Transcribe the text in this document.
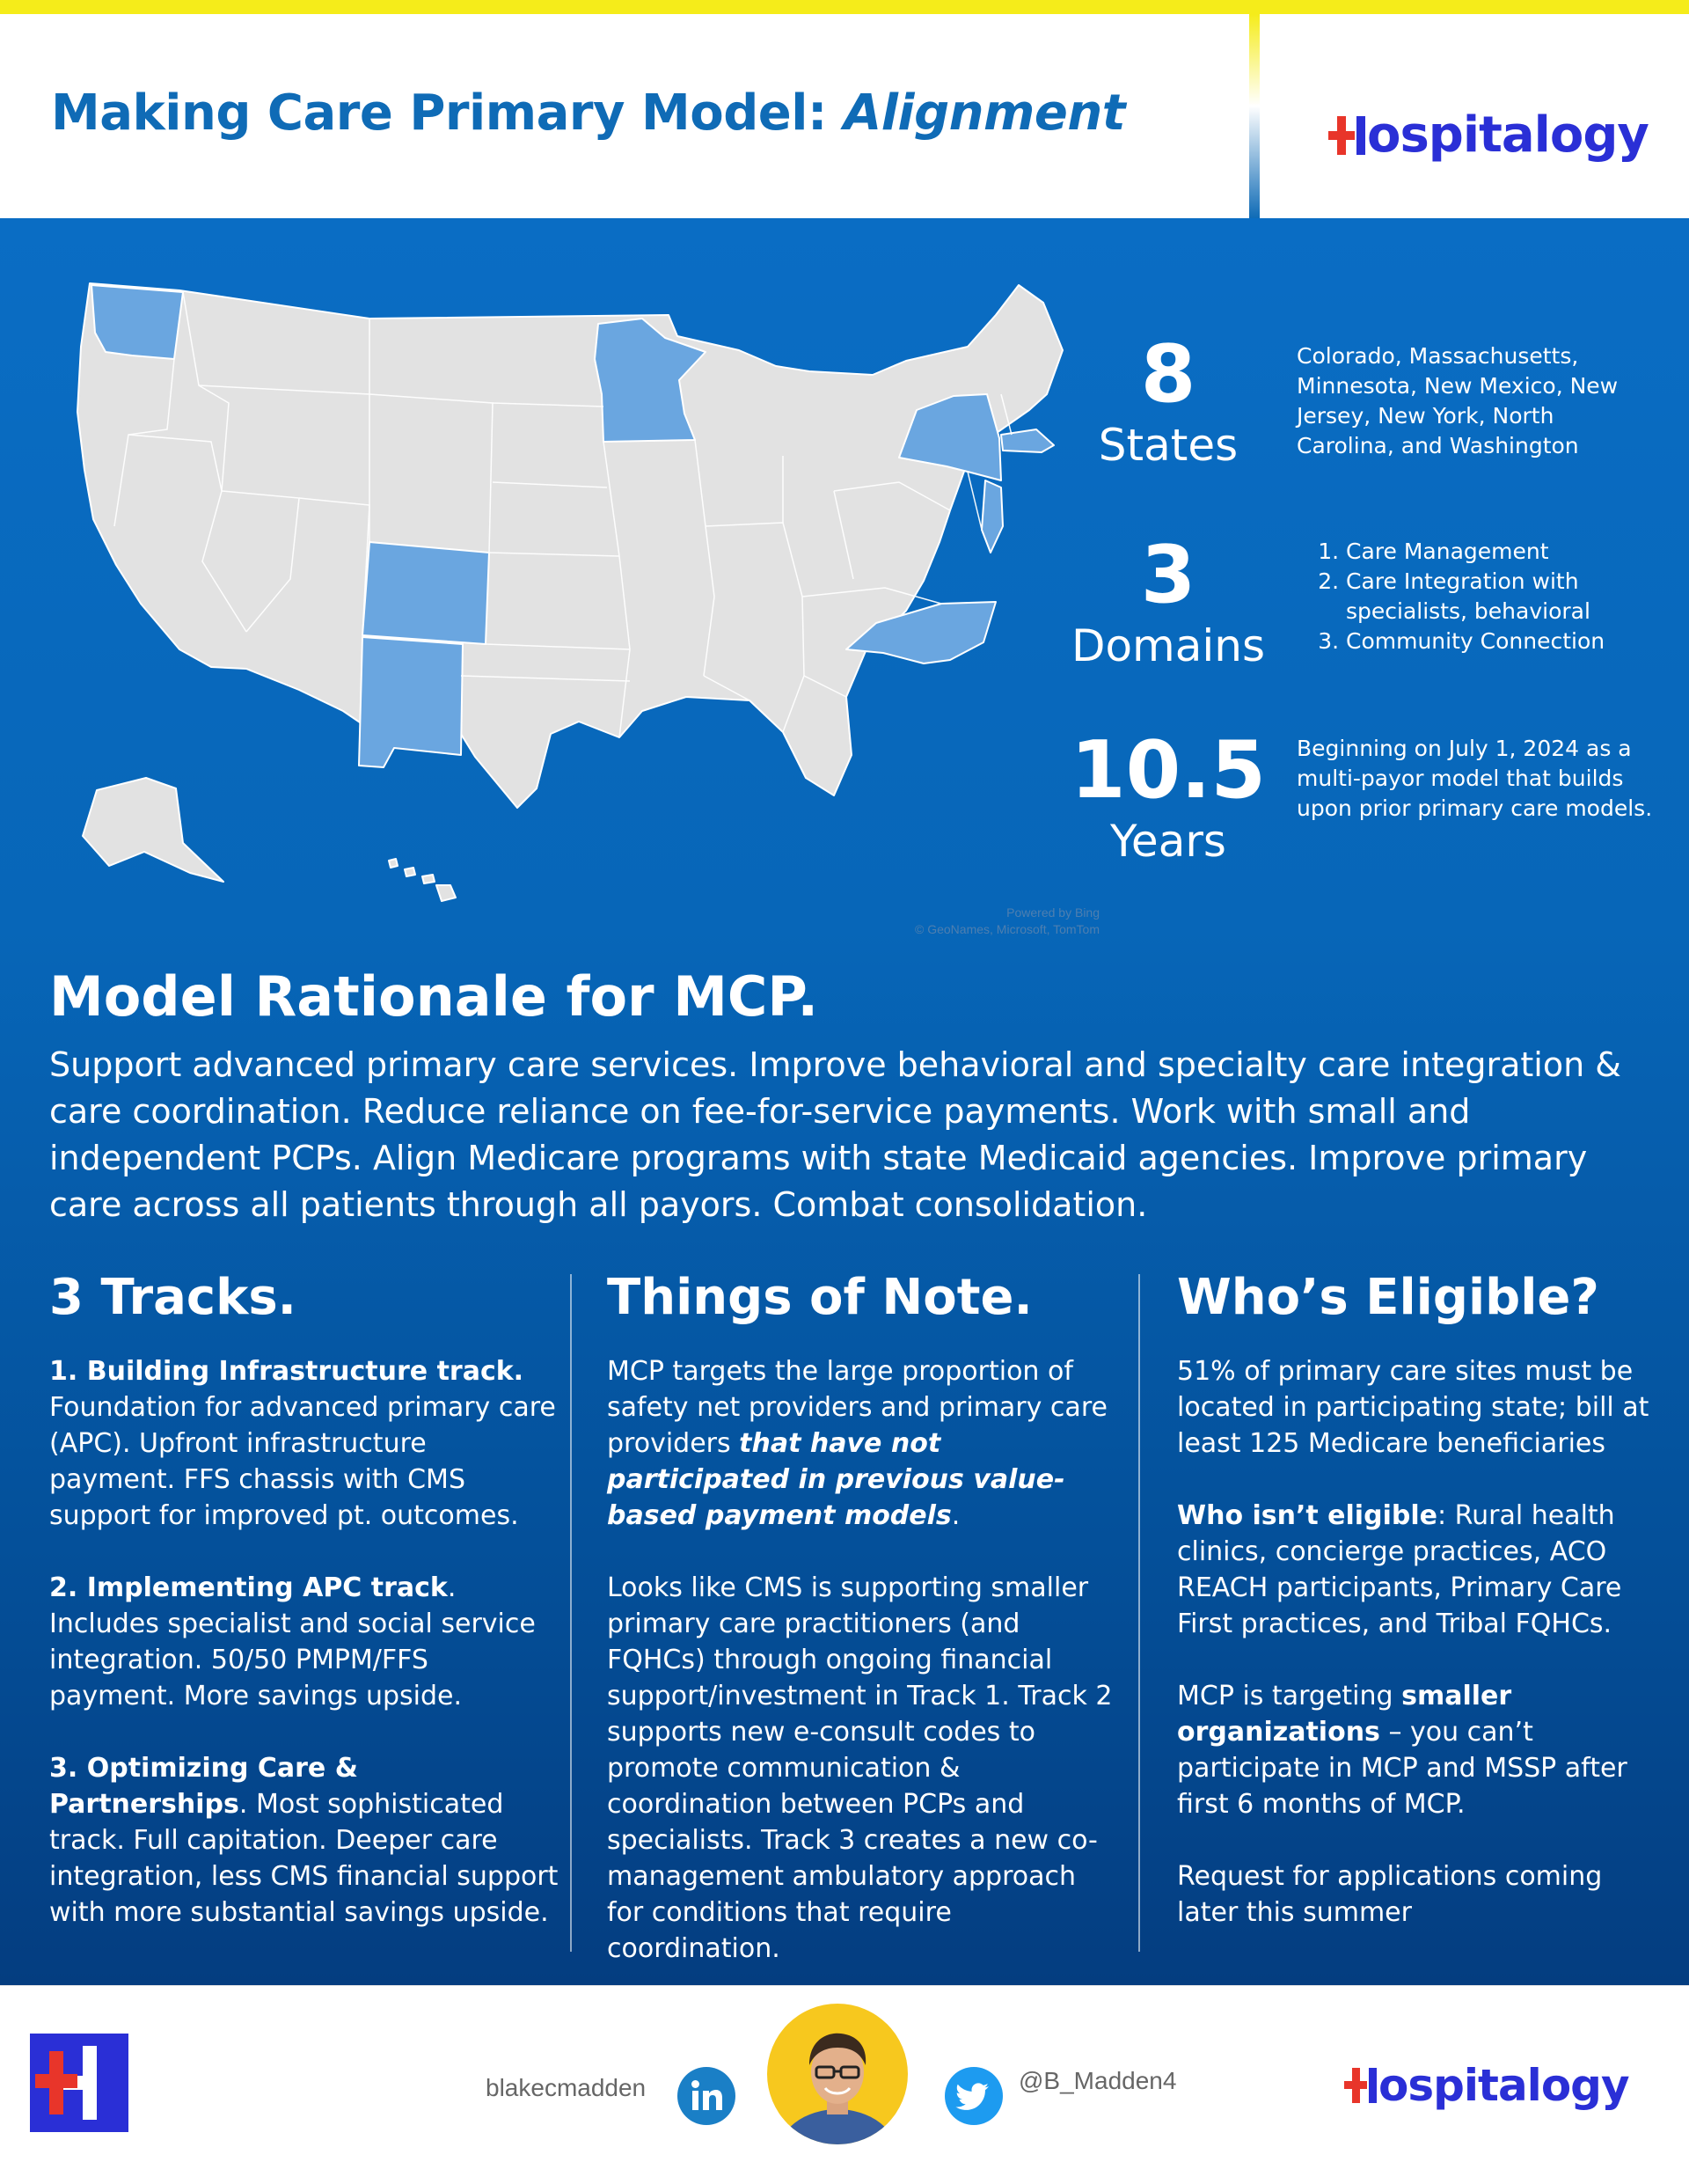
Making Care Primary Model: Alignment	ospitalogy
Powered by Bing
© GeoNames, Microsoft, TomTom
8
States
Colorado, Massachusetts, Minnesota, New Mexico, New Jersey, New York, North Carolina, and Washington
3
Domains
1. Care Management
2. Care Integration with specialists, behavioral
3. Community Connection
10.5
Years
Beginning on July 1, 2024 as a multi-payor model that builds upon prior primary care models.
Model Rationale for MCP.

Support advanced primary care services. Improve behavioral and specialty care integration & care coordination. Reduce reliance on fee-for-service payments. Work with small and independent PCPs. Align Medicare programs with state Medicaid agencies. Improve primary care across all patients through all payors. Combat consolidation.

3 Tracks.

1. Building Infrastructure track. Foundation for advanced primary care (APC). Upfront infrastructure payment. FFS chassis with CMS support for improved pt. outcomes.

2. Implementing APC track. Includes specialist and social service integration. 50/50 PMPM/FFS payment. More savings upside.

3. Optimizing Care & Partnerships. Most sophisticated track. Full capitation. Deeper care integration, less CMS financial support with more substantial savings upside.

Things of Note.

MCP targets the large proportion of safety net providers and primary care providers that have not participated in previous value-based payment models.

Looks like CMS is supporting smaller primary care practitioners (and FQHCs) through ongoing financial support/investment in Track 1. Track 2 supports new e-consult codes to promote communication & coordination between PCPs and specialists. Track 3 creates a new co-management ambulatory approach for conditions that require coordination.

Who’s Eligible?

51% of primary care sites must be located in participating state; bill at least 125 Medicare beneficiaries

Who isn’t eligible: Rural health clinics, concierge practices, ACO REACH participants, Primary Care First practices, and Tribal FQHCs.

MCP is targeting smaller organizations – you can’t participate in MCP and MSSP after first 6 months of MCP.

Request for applications coming later this summer

blakecmadden	@B_Madden4	ospitalogy
